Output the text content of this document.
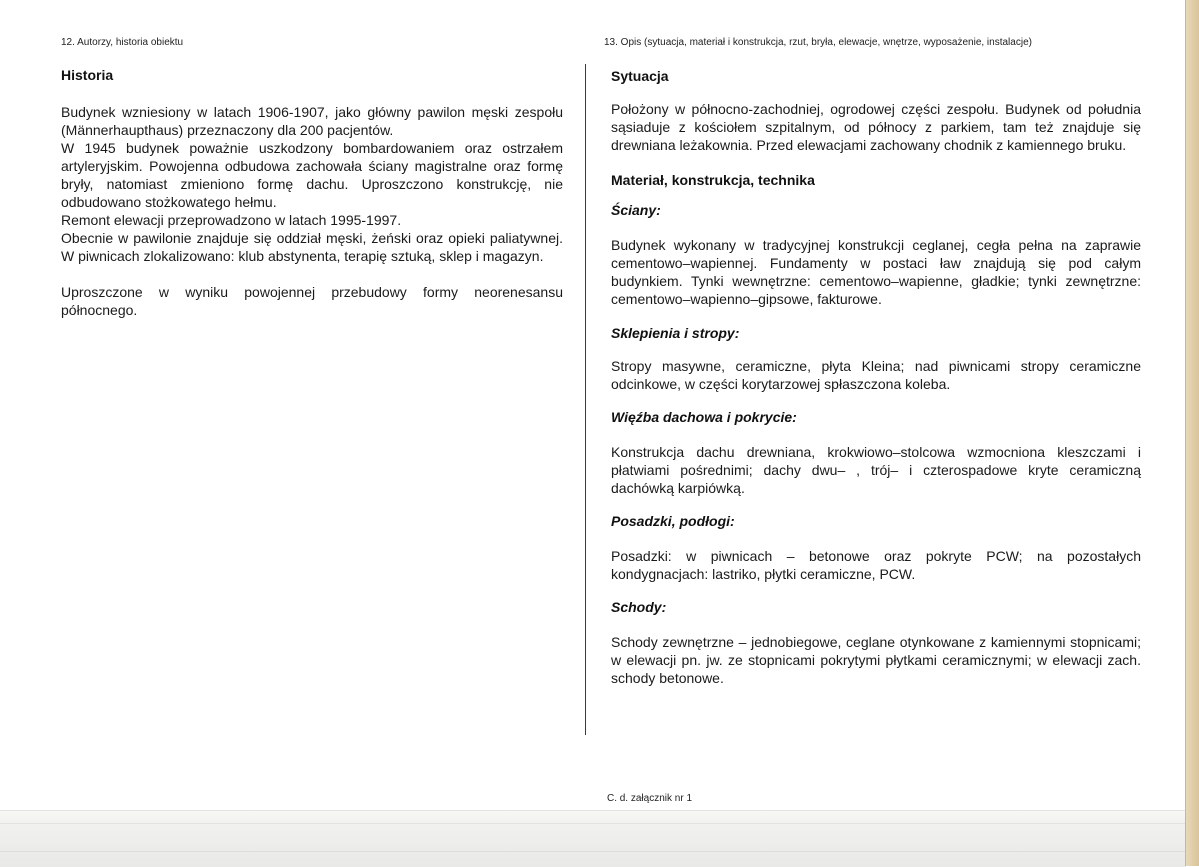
12. Autorzy, historia obiektu

Historia

Budynek wzniesiony w latach 1906-1907, jako główny pawilon męski zespołu (Männerhaupthaus) przeznaczony dla 200 pacjentów.

W 1945 budynek poważnie uszkodzony bombardowaniem oraz ostrzałem artyleryjskim. Powojenna odbudowa zachowała ściany magistralne oraz formę bryły, natomiast zmieniono formę dachu. Uproszczono konstrukcję, nie odbudowano stożkowatego hełmu.

Remont elewacji przeprowadzono w latach 1995-1997.

Obecnie w pawilonie znajduje się oddział męski, żeński oraz opieki paliatywnej. W piwnicach zlokalizowano: klub abstynenta, terapię sztuką, sklep i magazyn.

Uproszczone w wyniku powojennej przebudowy formy neorenesansu północnego.

13. Opis (sytuacja, materiał i konstrukcja, rzut, bryła, elewacje, wnętrze, wyposażenie, instalacje)

Sytuacja

Położony w północno-zachodniej, ogrodowej części zespołu. Budynek od południa sąsiaduje z kościołem szpitalnym, od północy z parkiem, tam też znajduje się drewniana leżakownia. Przed elewacjami zachowany chodnik z kamiennego bruku.

Materiał, konstrukcja, technika

Ściany:

Budynek wykonany w tradycyjnej konstrukcji ceglanej, cegła pełna na zaprawie cementowo–wapiennej. Fundamenty w postaci ław znajdują się pod całym budynkiem. Tynki wewnętrzne: cementowo–wapienne, gładkie; tynki zewnętrzne: cementowo–wapienno–gipsowe, fakturowe.

Sklepienia i stropy:

Stropy masywne, ceramiczne, płyta Kleina; nad piwnicami stropy ceramiczne odcinkowe, w części korytarzowej spłaszczona koleba.

Więźba dachowa i pokrycie:

Konstrukcja dachu drewniana, krokwiowo–stolcowa wzmocniona kleszczami i płatwiami pośrednimi; dachy dwu– , trój– i czterospadowe kryte ceramiczną dachówką karpiówką.

Posadzki, podłogi:

Posadzki: w piwnicach – betonowe oraz pokryte PCW; na pozostałych kondygnacjach: lastriko, płytki ceramiczne, PCW.

Schody:

Schody zewnętrzne – jednobiegowe, ceglane otynkowane z kamiennymi stopnicami; w elewacji pn. jw. ze stopnicami pokrytymi płytkami ceramicznymi; w elewacji zach. schody betonowe.

C. d. załącznik nr 1
